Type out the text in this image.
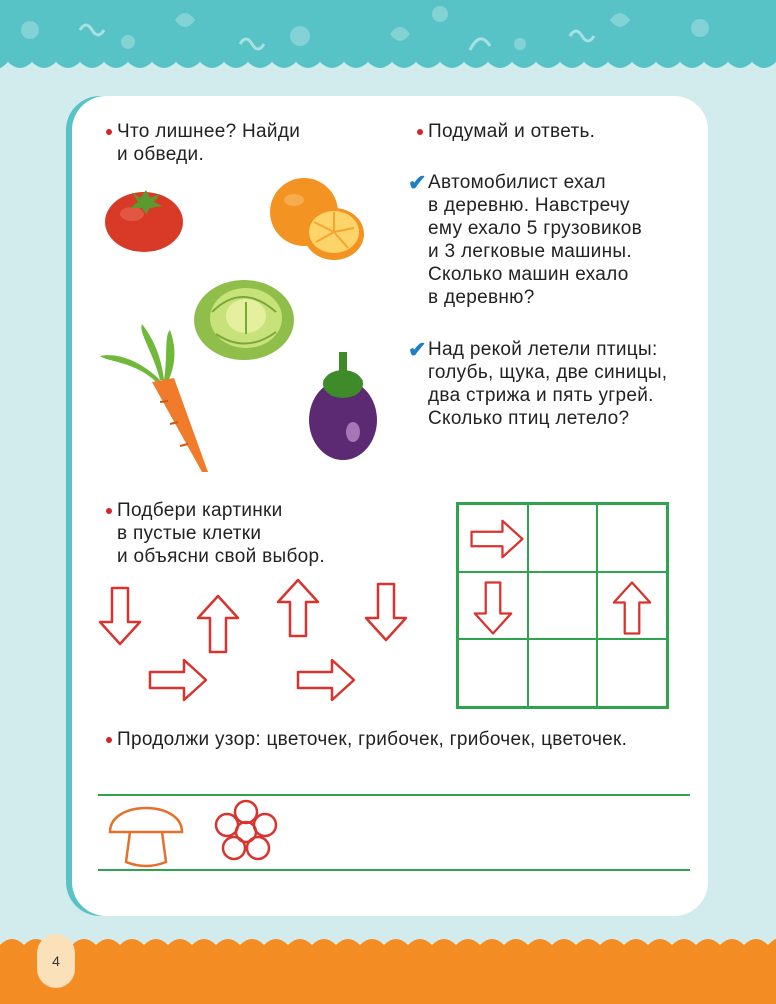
4
Что лишнее? Найди
и обведи.
Подумай и ответь.
✔ Автомобилист ехал
в деревню. Навстречу
ему ехало 5 грузовиков
и 3 легковые машины.
Сколько машин ехало
в деревню?
✔ Над рекой летели птицы:
голубь, щука, две синицы,
два стрижа и пять угрей.
Сколько птиц летело?
Подбери картинки
в пустые клетки
и объясни свой выбор.
Продолжи узор: цветочек, грибочек, грибочек, цветочек.
